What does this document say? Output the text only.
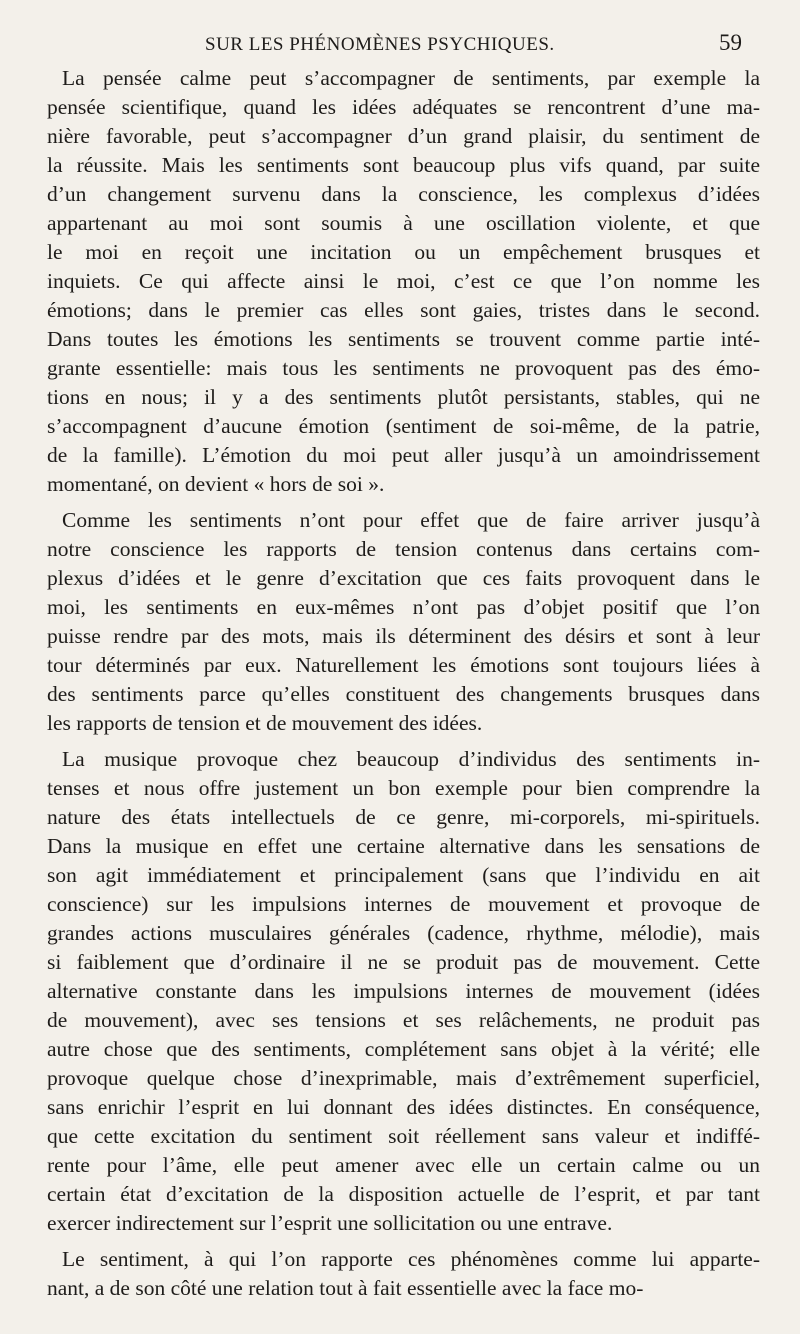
SUR LES PHÉNOMÈNES PSYCHIQUES.	59
La pensée calme peut s’accompagner de sentiments, par exemple la
pensée scientifique, quand les idées adéquates se rencontrent d’une ma-
nière favorable, peut s’accompagner d’un grand plaisir, du sentiment de
la réussite. Mais les sentiments sont beaucoup plus vifs quand, par suite
d’un changement survenu dans la conscience, les complexus d’idées
appartenant au moi sont soumis à une oscillation violente, et que
le moi en reçoit une incitation ou un empêchement brusques et
inquiets. Ce qui affecte ainsi le moi, c’est ce que l’on nomme les
émotions; dans le premier cas elles sont gaies, tristes dans le second.
Dans toutes les émotions les sentiments se trouvent comme partie inté-
grante essentielle: mais tous les sentiments ne provoquent pas des émo-
tions en nous; il y a des sentiments plutôt persistants, stables, qui ne
s’accompagnent d’aucune émotion (sentiment de soi-même, de la patrie,
de la famille). L’émotion du moi peut aller jusqu’à un amoindrissement
momentané, on devient « hors de soi ».
Comme les sentiments n’ont pour effet que de faire arriver jusqu’à
notre conscience les rapports de tension contenus dans certains com-
plexus d’idées et le genre d’excitation que ces faits provoquent dans le
moi, les sentiments en eux-mêmes n’ont pas d’objet positif que l’on
puisse rendre par des mots, mais ils déterminent des désirs et sont à leur
tour déterminés par eux. Naturellement les émotions sont toujours liées à
des sentiments parce qu’elles constituent des changements brusques dans
les rapports de tension et de mouvement des idées.
La musique provoque chez beaucoup d’individus des sentiments in-
tenses et nous offre justement un bon exemple pour bien comprendre la
nature des états intellectuels de ce genre, mi-corporels, mi-spirituels.
Dans la musique en effet une certaine alternative dans les sensations de
son agit immédiatement et principalement (sans que l’individu en ait
conscience) sur les impulsions internes de mouvement et provoque de
grandes actions musculaires générales (cadence, rhythme, mélodie), mais
si faiblement que d’ordinaire il ne se produit pas de mouvement. Cette
alternative constante dans les impulsions internes de mouvement (idées
de mouvement), avec ses tensions et ses relâchements, ne produit pas
autre chose que des sentiments, complétement sans objet à la vérité; elle
provoque quelque chose d’inexprimable, mais d’extrêmement superficiel,
sans enrichir l’esprit en lui donnant des idées distinctes. En conséquence,
que cette excitation du sentiment soit réellement sans valeur et indiffé-
rente pour l’âme, elle peut amener avec elle un certain calme ou un
certain état d’excitation de la disposition actuelle de l’esprit, et par tant
exercer indirectement sur l’esprit une sollicitation ou une entrave.
Le sentiment, à qui l’on rapporte ces phénomènes comme lui apparte-
nant, a de son côté une relation tout à fait essentielle avec la face mo-
